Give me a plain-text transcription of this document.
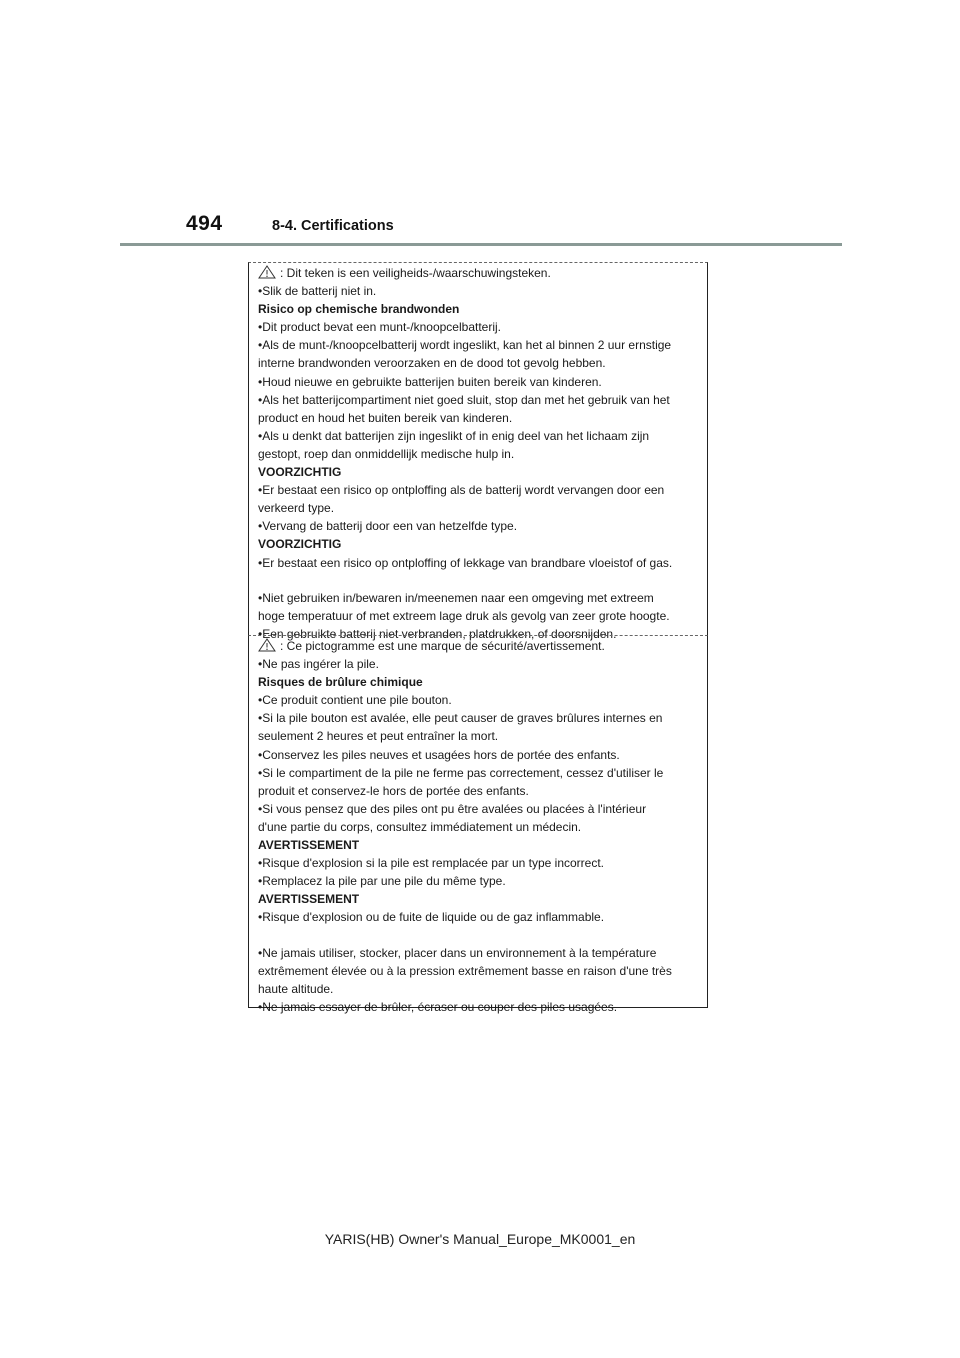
494	8-4. Certifications

: Dit teken is een veiligheids-/waarschuwingsteken.

•Slik de batterij niet in.

Risico op chemische brandwonden

•Dit product bevat een munt-/knoopcelbatterij.

•Als de munt-/knoopcelbatterij wordt ingeslikt, kan het al binnen 2 uur ernstige

interne brandwonden veroorzaken en de dood tot gevolg hebben.

•Houd nieuwe en gebruikte batterijen buiten bereik van kinderen.

•Als het batterijcompartiment niet goed sluit, stop dan met het gebruik van het

product en houd het buiten bereik van kinderen.

•Als u denkt dat batterijen zijn ingeslikt of in enig deel van het lichaam zijn

gestopt, roep dan onmiddellijk medische hulp in.

VOORZICHTIG

•Er bestaat een risico op ontploffing als de batterij wordt vervangen door een

verkeerd type.

•Vervang de batterij door een van hetzelfde type.

VOORZICHTIG

•Er bestaat een risico op ontploffing of lekkage van brandbare vloeistof of gas.

•Niet gebruiken in/bewaren in/meenemen naar een omgeving met extreem

hoge temperatuur of met extreem lage druk als gevolg van zeer grote hoogte.

•Een gebruikte batterij niet verbranden, platdrukken, of doorsnijden.

: Ce pictogramme est une marque de sécurité/avertissement.

•Ne pas ingérer la pile.

Risques de brûlure chimique

•Ce produit contient une pile bouton.

•Si la pile bouton est avalée, elle peut causer de graves brûlures internes en

seulement 2 heures et peut entraîner la mort.

•Conservez les piles neuves et usagées hors de portée des enfants.

•Si le compartiment de la pile ne ferme pas correctement, cessez d'utiliser le

produit et conservez-le hors de portée des enfants.

•Si vous pensez que des piles ont pu être avalées ou placées à l'intérieur

d'une partie du corps, consultez immédiatement un médecin.

AVERTISSEMENT

•Risque d'explosion si la pile est remplacée par un type incorrect.

•Remplacez la pile par une pile du même type.

AVERTISSEMENT

•Risque d'explosion ou de fuite de liquide ou de gaz inflammable.

•Ne jamais utiliser, stocker, placer dans un environnement à la température

extrêmement élevée ou à la pression extrêmement basse en raison d'une très

haute altitude.

•Ne jamais essayer de brûler, écraser ou couper des piles usagées.

YARIS(HB) Owner's Manual_Europe_MK0001_en
